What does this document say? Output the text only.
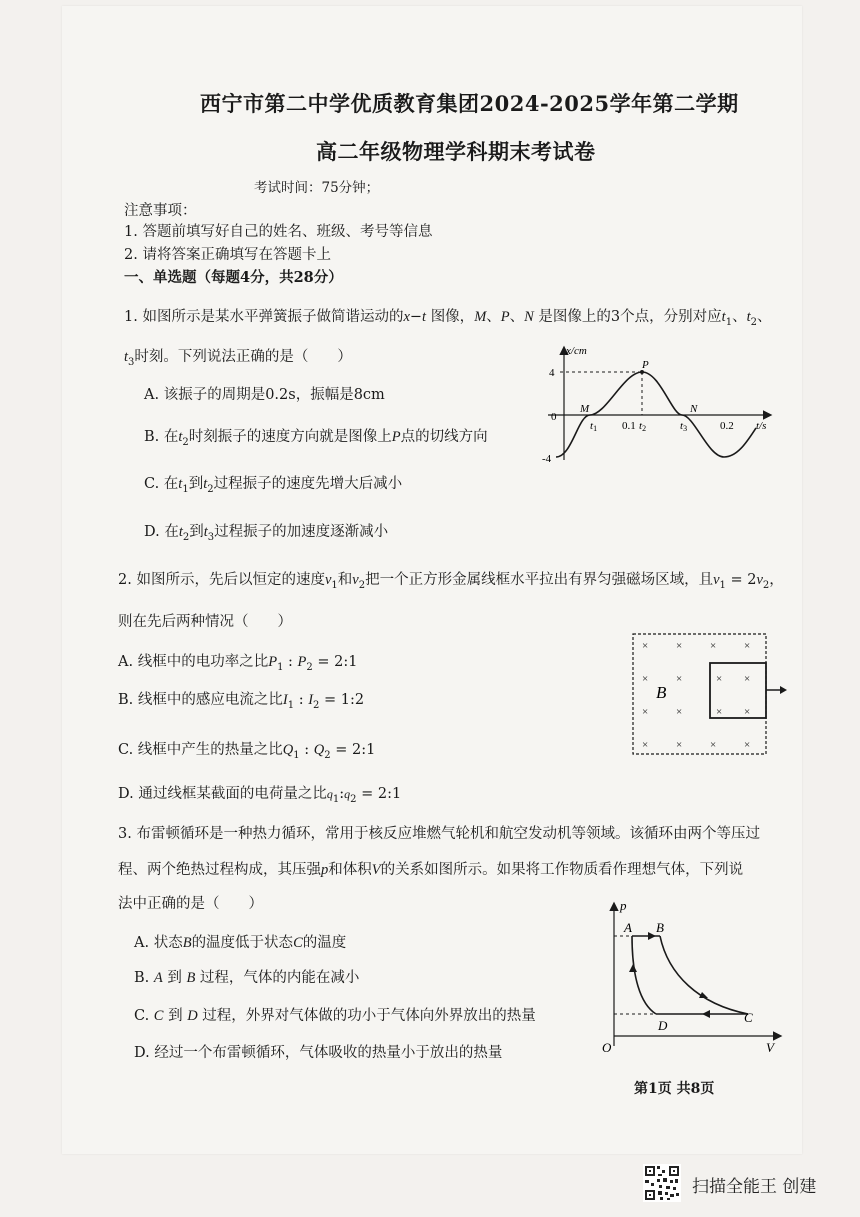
西宁市第二中学优质教育集团2024-2025学年第二学期
高二年级物理学科期末考试卷
考试时间：75分钟；
注意事项：
1. 答题前填写好自己的姓名、班级、考号等信息
2. 请将答案正确填写在答题卡上
一、单选题（每题4分，共28分）
1. 如图所示是某水平弹簧振子做简谐运动的x−t 图像，M、P、N 是图像上的3个点，分别对应$t_1$、$t_2$、
$t_3$时刻。下列说法正确的是（　　）
A. 该振子的周期是0.2s，振幅是8cm
B. 在$t_2$时刻振子的速度方向就是图像上P点的切线方向
C. 在$t_1$到$t_2$过程振子的速度先增大后减小
D. 在$t_2$到$t_3$过程振子的加速度逐渐减小
x/cm
4
-4
0
M
P
N
0.1	0.2
t1	t2	t3	t/s
2. 如图所示，先后以恒定的速度$v_1$和$v_2$把一个正方形金属线框水平拉出有界匀强磁场区域，且$v_1 = 2v_2$，
则在先后两种情况（　　）
A. 线框中的电功率之比$P_1$ : $P_2$ = 2:1
B. 线框中的感应电流之比$I_1$ : $I_2$ = 1:2
C. 线框中产生的热量之比$Q_1$ : $Q_2$ = 2:1
D. 通过线框某截面的电荷量之比$q_1:q_2$ = 2:1
×	×	×	×
×	×	× ×
×
×	× ×
×	×	×	×
B
3. 布雷顿循环是一种热力循环，常用于核反应堆燃气轮机和航空发动机等领域。该循环由两个等压过
程、两个绝热过程构成，其压强p和体积V的关系如图所示。如果将工作物质看作理想气体，下列说
法中正确的是（　　）
A. 状态B的温度低于状态C的温度
B. A 到 B 过程，气体的内能在减小
C. C 到 D 过程，外界对气体做的功小于气体向外界放出的热量
D. 经过一个布雷顿循环，气体吸收的热量小于放出的热量
p
V
O
A B
C
D
第1页 共8页
扫描全能王 创建
